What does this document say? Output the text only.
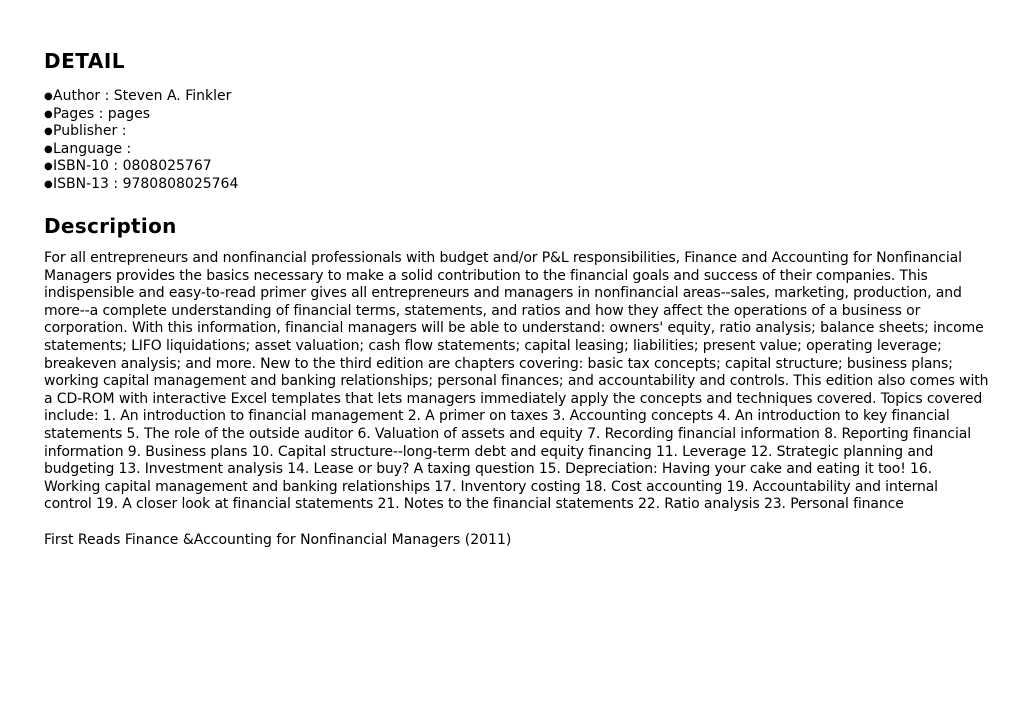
DETAIL
● Author : Steven A. Finkler
● Pages : pages
● Publisher :
● Language :
● ISBN-10 : 0808025767
● ISBN-13 : 9780808025764
Description

For all entrepreneurs and nonfinancial professionals with budget and/or P&L responsibilities, Finance and Accounting for Nonfinancial Managers provides the basics necessary to make a solid contribution to the financial goals and success of their companies. This indispensible and easy-to-read primer gives all entrepreneurs and managers in nonfinancial areas--sales, marketing, production, and more--a complete understanding of financial terms, statements, and ratios and how they affect the operations of a business or corporation. With this information, financial managers will be able to understand: owners' equity, ratio analysis; balance sheets; income statements; LIFO liquidations; asset valuation; cash flow statements; capital leasing; liabilities; present value; operating leverage; breakeven analysis; and more. New to the third edition are chapters covering: basic tax concepts; capital structure; business plans; working capital management and banking relationships; personal finances; and accountability and controls. This edition also comes with a CD-ROM with interactive Excel templates that lets managers immediately apply the concepts and techniques covered. Topics covered include: 1. An introduction to financial management 2. A primer on taxes 3. Accounting concepts 4. An introduction to key financial statements 5. The role of the outside auditor 6. Valuation of assets and equity 7. Recording financial information 8. Reporting financial information 9. Business plans 10. Capital structure--long-term debt and equity financing 11. Leverage 12. Strategic planning and budgeting 13. Investment analysis 14. Lease or buy? A taxing question 15. Depreciation: Having your cake and eating it too! 16. Working capital management and banking relationships 17. Inventory costing 18. Cost accounting 19. Accountability and internal control 19. A closer look at financial statements 21. Notes to the financial statements 22. Ratio analysis 23. Personal finance

First Reads Finance &Accounting for Nonfinancial Managers (2011)
